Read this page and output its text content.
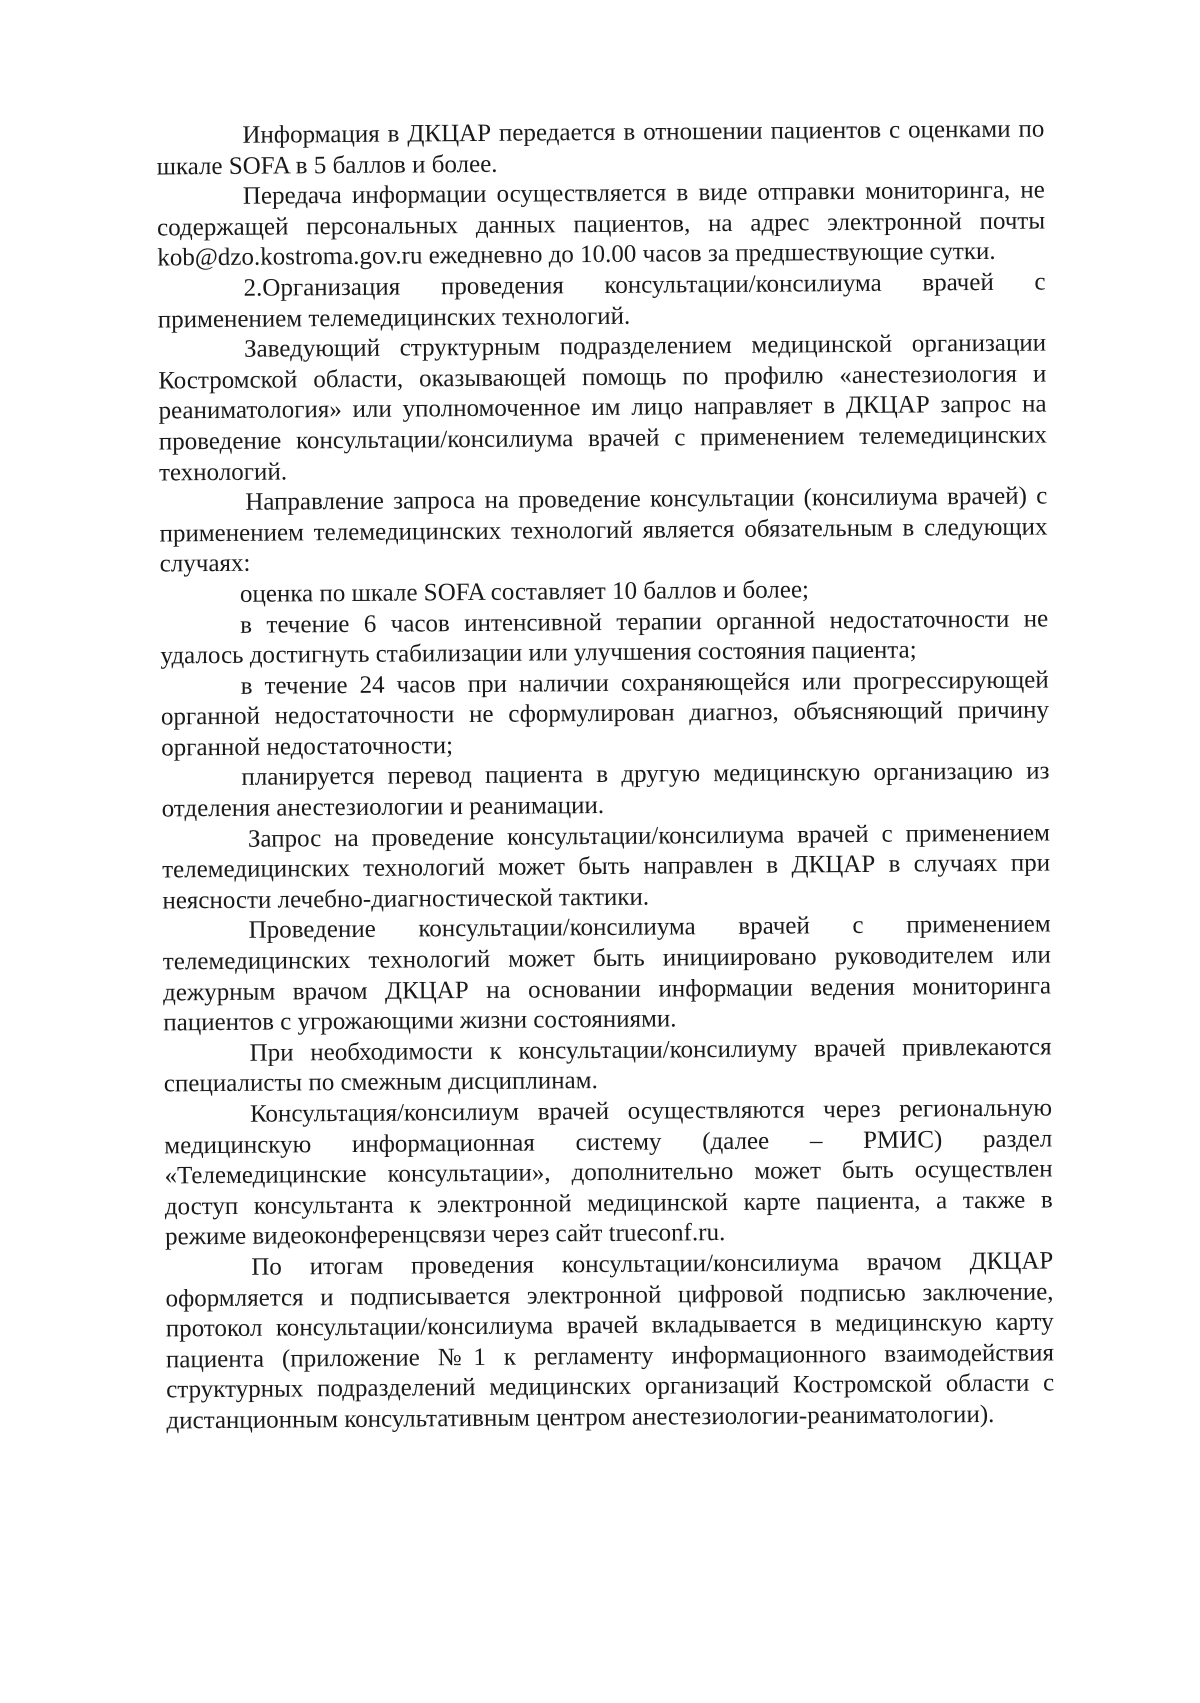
Информация в ДКЦАР передается в отношении пациентов с оценками по шкале SOFA в 5 баллов и более.

Передача информации осуществляется в виде отправки мониторинга, не содержащей персональных данных пациентов, на адрес электронной почты kob@dzo.kostroma.gov.ru ежедневно до 10.00 часов за предшествующие сутки.

2.Организация проведения консультации/консилиума врачей с применением телемедицинских технологий.

Заведующий структурным подразделением медицинской организации Костромской области, оказывающей помощь по профилю «анестезиология и реаниматология» или уполномоченное им лицо направляет в ДКЦАР запрос на проведение консультации/консилиума врачей с применением телемедицинских технологий.

Направление запроса на проведение консультации (консилиума врачей) с применением телемедицинских технологий является обязательным в следующих случаях:

оценка по шкале SOFA составляет 10 баллов и более;

в течение 6 часов интенсивной терапии органной недостаточности не удалось достигнуть стабилизации или улучшения состояния пациента;

в течение 24 часов при наличии сохраняющейся или прогрессирующей органной недостаточности не сформулирован диагноз, объясняющий причину органной недостаточности;

планируется перевод пациента в другую медицинскую организацию из отделения анестезиологии и реанимации.

Запрос на проведение консультации/консилиума врачей с применением телемедицинских технологий может быть направлен в ДКЦАР в случаях при неясности лечебно-диагностической тактики.

Проведение консультации/консилиума врачей с применением телемедицинских технологий может быть инициировано руководителем или дежурным врачом ДКЦАР на основании информации ведения мониторинга пациентов с угрожающими жизни состояниями.

При необходимости к консультации/консилиуму врачей привлекаются специалисты по смежным дисциплинам.

Консультация/консилиум врачей осуществляются через региональную медицинскую информационная систему (далее – РМИС) раздел «Телемедицинские консультации», дополнительно может быть осуществлен доступ консультанта к электронной медицинской карте пациента, а также в режиме видеоконференцсвязи через сайт trueconf.ru.

По итогам проведения консультации/консилиума врачом ДКЦАР оформляется и подписывается электронной цифровой подписью заключение, протокол консультации/консилиума врачей вкладывается в медицинскую карту пациента (приложение №1 к регламенту информационного взаимодействия структурных подразделений медицинских организаций Костромской области с дистанционным консультативным центром анестезиологии-реаниматологии).
